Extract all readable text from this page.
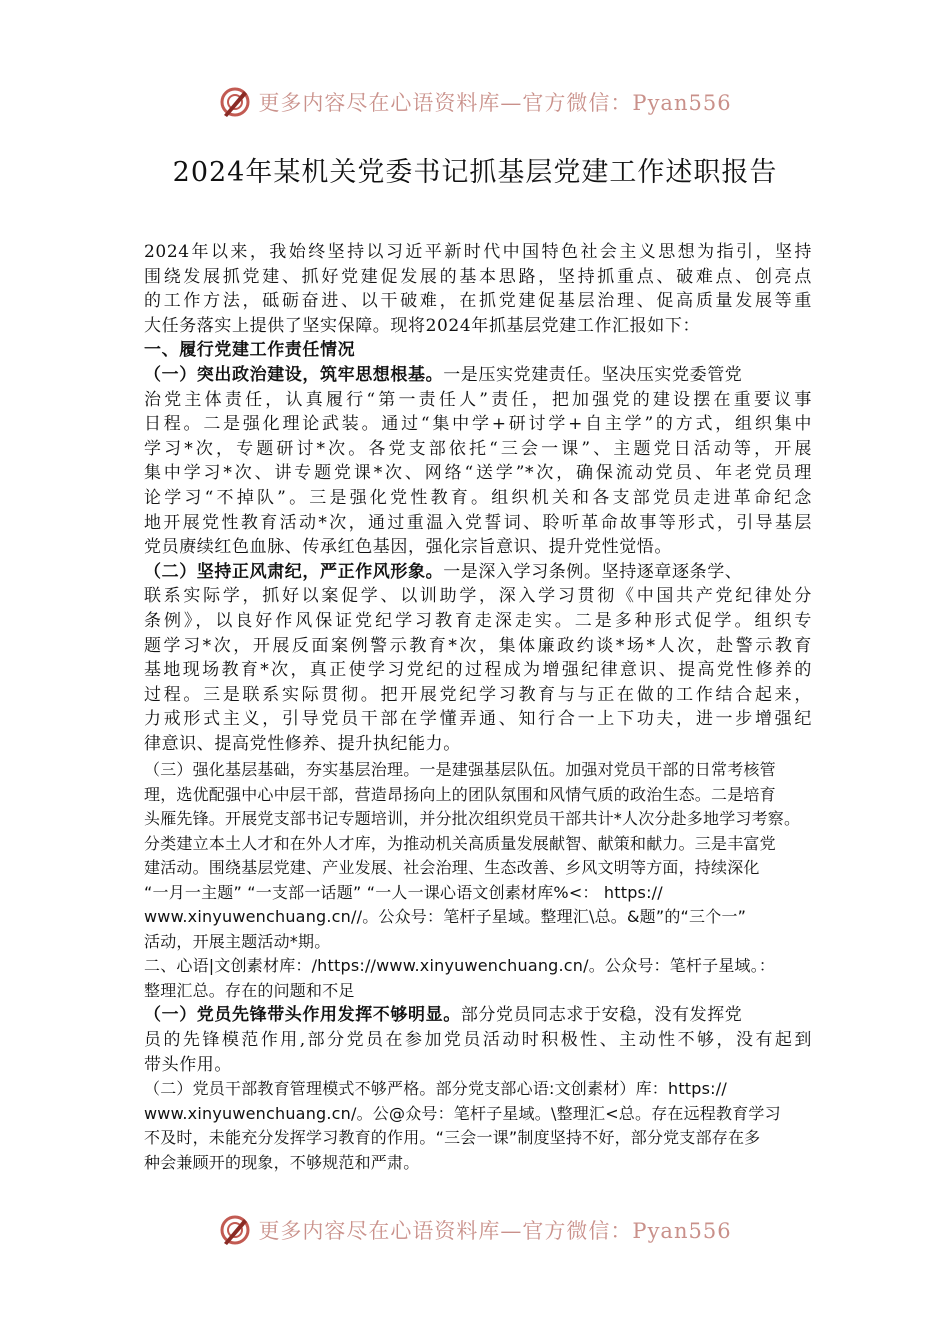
更多内容尽在心语资料库—官方微信：Pyan556
2024年某机关党委书记抓基层党建工作述职报告
2024年以来，我始终坚持以习近平新时代中国特色社会主义思想为指引，坚持
围绕发展抓党建、抓好党建促发展的基本思路，坚持抓重点、破难点、创亮点
的工作方法，砥砺奋进、以干破难，在抓党建促基层治理、促高质量发展等重
大任务落实上提供了坚实保障。现将2024年抓基层党建工作汇报如下：
一、履行党建工作责任情况
（一）突出政治建设，筑牢思想根基。一是压实党建责任。坚决压实党委管党
治党主体责任，认真履行“第一责任人”责任，把加强党的建设摆在重要议事
日程。二是强化理论武装。通过“集中学+研讨学+自主学”的方式，组织集中
学习*次，专题研讨*次。各党支部依托“三会一课”、主题党日活动等，开展
集中学习*次、讲专题党课*次、网络“送学”*次，确保流动党员、年老党员理
论学习“不掉队”。三是强化党性教育。组织机关和各支部党员走进革命纪念
地开展党性教育活动*次，通过重温入党誓词、聆听革命故事等形式，引导基层
党员赓续红色血脉、传承红色基因，强化宗旨意识、提升党性觉悟。
（二）坚持正风肃纪，严正作风形象。一是深入学习条例。坚持逐章逐条学、
联系实际学，抓好以案促学、以训助学，深入学习贯彻《中国共产党纪律处分
条例》，以良好作风保证党纪学习教育走深走实。二是多种形式促学。组织专
题学习*次，开展反面案例警示教育*次，集体廉政约谈*场*人次，赴警示教育
基地现场教育*次，真正使学习党纪的过程成为增强纪律意识、提高党性修养的
过程。三是联系实际贯彻。把开展党纪学习教育与与正在做的工作结合起来，
力戒形式主义，引导党员干部在学懂弄通、知行合一上下功夫，进一步增强纪
律意识、提高党性修养、提升执纪能力。
（三）强化基层基础，夯实基层治理。一是建强基层队伍。加强对党员干部的日常考核管
理，选优配强中心中层干部，营造昂扬向上的团队氛围和风情气质的政治生态。二是培育
头雁先锋。开展党支部书记专题培训，并分批次组织党员干部共计*人次分赴多地学习考察。
分类建立本土人才和在外人才库，为推动机关高质量发展献智、献策和献力。三是丰富党
建活动。围绕基层党建、产业发展、社会治理、生态改善、乡风文明等方面，持续深化
“一月一主题” “一支部一话题” “一人一课心语文创素材库%<： https://
www.xinyuwenchuang.cn//。公众号：笔杆子星域。整理汇\总。&题”的“三个一”
活动，开展主题活动*期。
二、心语|文创素材库：/https://www.xinyuwenchuang.cn/。公众号：笔杆子星域。：
整理汇总。存在的问题和不足
（一）党员先锋带头作用发挥不够明显。部分党员同志求于安稳，没有发挥党
员的先锋模范作用,部分党员在参加党员活动时积极性、主动性不够，没有起到
带头作用。
（二）党员干部教育管理模式不够严格。部分党支部心语:文创素材）库：https://
www.xinyuwenchuang.cn/。公@众号：笔杆子星域。\整理汇<总。存在远程教育学习
不及时，未能充分发挥学习教育的作用。“三会一课”制度坚持不好，部分党支部存在多
种会兼顾开的现象，不够规范和严肃。
更多内容尽在心语资料库—官方微信：Pyan556
